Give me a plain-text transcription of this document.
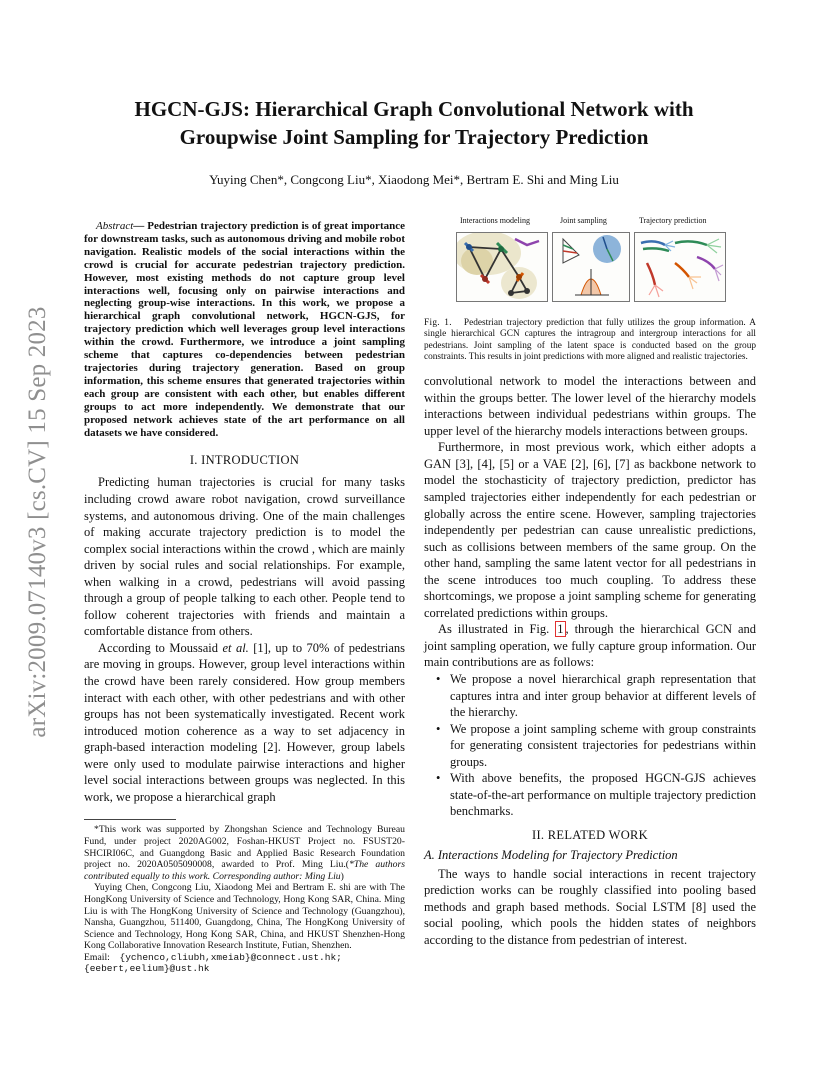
arXiv:2009.07140v3 [cs.CV] 15 Sep 2023
HGCN-GJS: Hierarchical Graph Convolutional Network with
Groupwise Joint Sampling for Trajectory Prediction
Yuying Chen*, Congcong Liu*, Xiaodong Mei*, Bertram E. Shi and Ming Liu

Abstract— Pedestrian trajectory prediction is of great importance for downstream tasks, such as autonomous driving and mobile robot navigation. Realistic models of the social interactions within the crowd is crucial for accurate pedestrian trajectory prediction. However, most existing methods do not capture group level interactions well, focusing only on pairwise interactions and neglecting group-wise interactions. In this work, we propose a hierarchical graph convolutional network, HGCN-GJS, for trajectory prediction which well leverages group level interactions within the crowd. Furthermore, we introduce a joint sampling scheme that captures co-dependencies between pedestrian trajectories during trajectory generation. Based on group information, this scheme ensures that generated trajectories within each group are consistent with each other, but enables different groups to act more independently. We demonstrate that our proposed network achieves state of the art performance on all datasets we have considered.

I. INTRODUCTION

Predicting human trajectories is crucial for many tasks including crowd aware robot navigation, crowd surveillance systems, and autonomous driving. One of the main challenges of making accurate trajectory prediction is to model the complex social interactions within the crowd , which are mainly driven by social rules and social relationships. For example, when walking in a crowd, pedestrians will avoid passing through a group of people talking to each other. People tend to follow coherent trajectories with friends and maintain a comfortable distance from others.

According to Moussaid et al. [1], up to 70% of pedestrians are moving in groups. However, group level interactions within the crowd have been rarely considered. How group members interact with each other, with other pedestrians and with other groups has not been systematically investigated. Recent work introduced motion coherence as a way to set adjacency in graph-based interaction modeling [2]. However, group labels were only used to modulate pairwise interactions and higher level social interactions between groups was neglected. In this work, we propose a hierarchical graph

*This work was supported by Zhongshan Science and Technology Bureau Fund, under project 2020AG002, Foshan-HKUST Project no. FSUST20-SHCIRI06C, and Guangdong Basic and Applied Basic Research Foundation project no. 2020A0505090008, awarded to Prof. Ming Liu.(*The authors contributed equally to this work. Corresponding author: Ming Liu)

Yuying Chen, Congcong Liu, Xiaodong Mei and Bertram E. shi are with The HongKong University of Science and Technology, Hong Kong SAR, China. Ming Liu is with The HongKong University of Science and Technology (Guangzhou), Nansha, Guangzhou, 511400, Guangdong, China, The HongKong University of Science and Technology, Hong Kong SAR, China, and HKUST Shenzhen-Hong Kong Collaborative Innovation Research Institute, Futian, Shenzhen.

Email: {ychenco,cliubh,xmeiab}@connect.ust.hk;
{eebert,eelium}@ust.hk

Interactions modeling	Joint sampling	Trajectory prediction

Fig. 1. Pedestrian trajectory prediction that fully utilizes the group information. A single hierarchical GCN captures the intragroup and intergroup interactions for all pedestrians. Joint sampling of the latent space is conducted based on the group constraints. This results in joint predictions with more aligned and realistic trajectories.

convolutional network to model the interactions between and within the groups better. The lower level of the hierarchy models interactions between individual pedestrians within groups. The upper level of the hierarchy models interactions between groups.

Furthermore, in most previous work, which either adopts a GAN [3], [4], [5] or a VAE [2], [6], [7] as backbone network to model the stochasticity of trajectory prediction, predictor has sampled trajectories either independently for each pedestrian or globally across the entire scene. However, sampling trajectories independently per pedestrian can cause unrealistic predictions, such as collisions between members of the same group. On the other hand, sampling the same latent vector for all pedestrians in the scene introduces too much coupling. To address these shortcomings, we propose a joint sampling scheme for generating correlated predictions within groups.

As illustrated in Fig. 1 , through the hierarchical GCN and joint sampling operation, we fully capture group information. Our main contributions are as follows:

• We propose a novel hierarchical graph representation that captures intra and inter group behavior at different levels of the hierarchy.
• We propose a joint sampling scheme with group constraints for generating consistent trajectories for pedestrians within groups.
• With above benefits, the proposed HGCN-GJS achieves state-of-the-art performance on multiple trajectory prediction benchmarks.

II. RELATED WORK

A. Interactions Modeling for Trajectory Prediction

The ways to handle social interactions in recent trajectory prediction works can be roughly classified into pooling based methods and graph based methods. Social LSTM [8] used the social pooling, which pools the hidden states of neighbors according to the distance from pedestrian of interest.
